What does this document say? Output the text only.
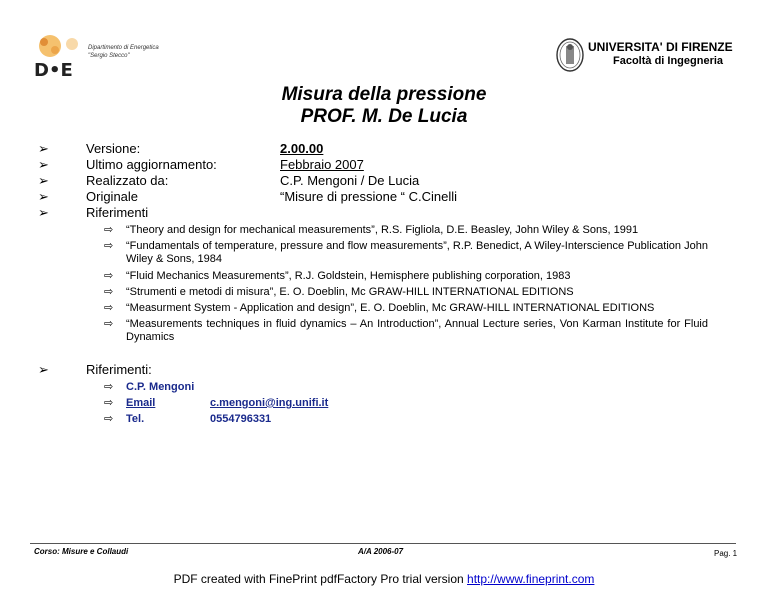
D•E
Dipartimento di Energetica "Sergio Stecco"
UNIVERSITA' DI FIRENZE
Facoltà di Ingegneria
Misura della pressione
PROF. M. De Lucia
➢	Versione:	2.00.00
➢	Ultimo aggiornamento:	Febbraio 2007
➢	Realizzato da:	C.P. Mengoni / De Lucia
➢	Originale	“Misure di pressione “ C.Cinelli
➢	Riferimenti
⇨ “Theory and design for mechanical measurements”, R.S. Figliola, D.E. Beasley, John Wiley & Sons, 1991
⇨ “Fundamentals of temperature, pressure and flow measurements”, R.P. Benedict, A Wiley-Interscience Publication John Wiley & Sons, 1984
⇨ “Fluid Mechanics Measurements”, R.J. Goldstein, Hemisphere publishing corporation, 1983
⇨ “Strumenti e metodi di misura”, E. O. Doeblin, Mc GRAW-HILL INTERNATIONAL EDITIONS
⇨ “Measurment System - Application and design”, E. O. Doeblin, Mc GRAW-HILL INTERNATIONAL EDITIONS
⇨ “Measurements techniques in fluid dynamics – An Introduction”, Annual Lecture series, Von Karman Institute for Fluid Dynamics
➢	Riferimenti:
⇨ C.P. Mengoni
⇨ Email	c.mengoni@ing.unifi.it
⇨ Tel.	0554796331
Corso: Misure e Collaudi	A/A 2006-07	Pag. 1
PDF created with FinePrint pdfFactory Pro trial version http://www.fineprint.com
